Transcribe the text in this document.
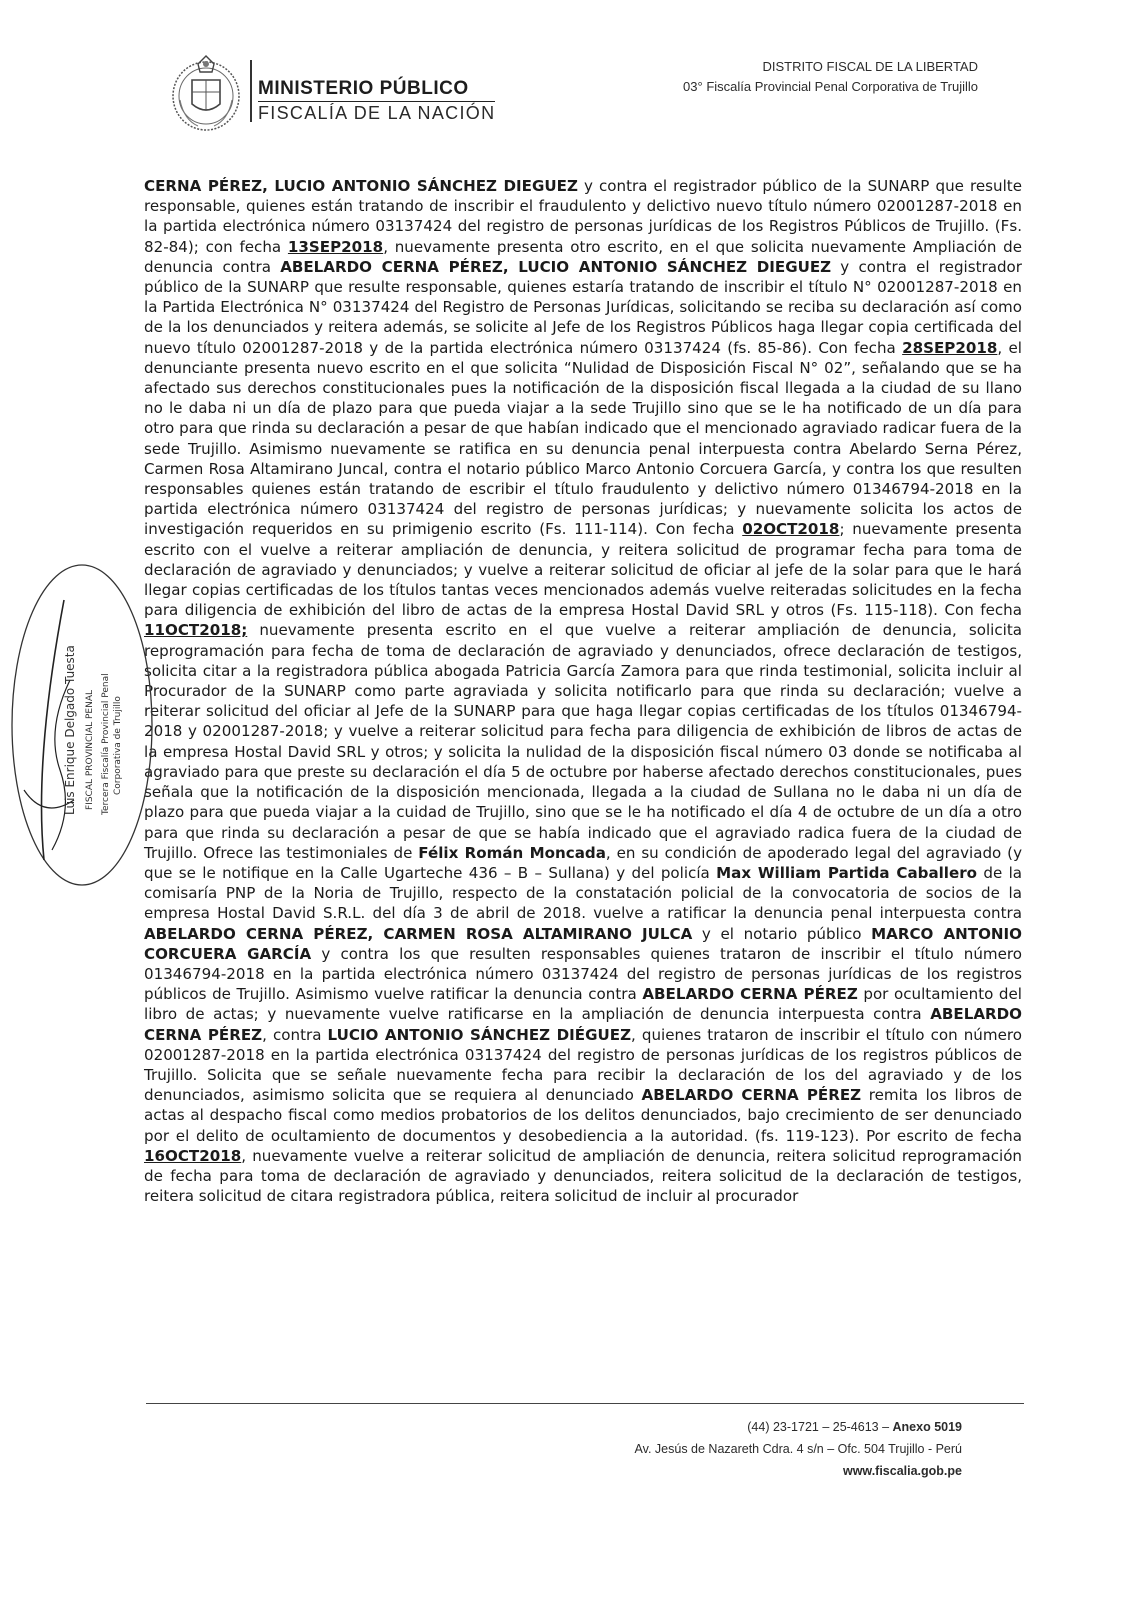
MINISTERIO PÚBLICO
FISCALÍA DE LA NACIÓN
DISTRITO FISCAL DE LA LIBERTAD
03° Fiscalía Provincial Penal Corporativa de Trujillo

CERNA PÉREZ, LUCIO ANTONIO SÁNCHEZ DIEGUEZ y contra el registrador público de la SUNARP que resulte responsable, quienes están tratando de inscribir el fraudulento y delictivo nuevo título número 02001287-2018 en la partida electrónica número 03137424 del registro de personas jurídicas de los Registros Públicos de Trujillo. (Fs. 82-84); con fecha 13SEP2018, nuevamente presenta otro escrito, en el que solicita nuevamente Ampliación de denuncia contra ABELARDO CERNA PÉREZ, LUCIO ANTONIO SÁNCHEZ DIEGUEZ y contra el registrador público de la SUNARP que resulte responsable, quienes estaría tratando de inscribir el título N° 02001287-2018 en la Partida Electrónica N° 03137424 del Registro de Personas Jurídicas, solicitando se reciba su declaración así como de la los denunciados y reitera además, se solicite al Jefe de los Registros Públicos haga llegar copia certificada del nuevo título 02001287-2018 y de la partida electrónica número 03137424 (fs. 85-86). Con fecha 28SEP2018, el denunciante presenta nuevo escrito en el que solicita “Nulidad de Disposición Fiscal N° 02”, señalando que se ha afectado sus derechos constitucionales pues la notificación de la disposición fiscal llegada a la ciudad de su llano no le daba ni un día de plazo para que pueda viajar a la sede Trujillo sino que se le ha notificado de un día para otro para que rinda su declaración a pesar de que habían indicado que el mencionado agraviado radicar fuera de la sede Trujillo. Asimismo nuevamente se ratifica en su denuncia penal interpuesta contra Abelardo Serna Pérez, Carmen Rosa Altamirano Juncal, contra el notario público Marco Antonio Corcuera García, y contra los que resulten responsables quienes están tratando de escribir el título fraudulento y delictivo número 01346794-2018 en la partida electrónica número 03137424 del registro de personas jurídicas; y nuevamente solicita los actos de investigación requeridos en su primigenio escrito (Fs. 111-114). Con fecha 02OCT2018; nuevamente presenta escrito con el vuelve a reiterar ampliación de denuncia, y reitera solicitud de programar fecha para toma de declaración de agraviado y denunciados; y vuelve a reiterar solicitud de oficiar al jefe de la solar para que le hará llegar copias certificadas de los títulos tantas veces mencionados además vuelve reiteradas solicitudes en la fecha para diligencia de exhibición del libro de actas de la empresa Hostal David SRL y otros (Fs. 115-118). Con fecha 11OCT2018; nuevamente presenta escrito en el que vuelve a reiterar ampliación de denuncia, solicita reprogramación para fecha de toma de declaración de agraviado y denunciados, ofrece declaración de testigos, solicita citar a la registradora pública abogada Patricia García Zamora para que rinda testimonial, solicita incluir al Procurador de la SUNARP como parte agraviada y solicita notificarlo para que rinda su declaración; vuelve a reiterar solicitud del oficiar al Jefe de la SUNARP para que haga llegar copias certificadas de los títulos 01346794-2018 y 02001287-2018; y vuelve a reiterar solicitud para fecha para diligencia de exhibición de libros de actas de la empresa Hostal David SRL y otros; y solicita la nulidad de la disposición fiscal número 03 donde se notificaba al agraviado para que preste su declaración el día 5 de octubre por haberse afectado derechos constitucionales, pues señala que la notificación de la disposición mencionada, llegada a la ciudad de Sullana no le daba ni un día de plazo para que pueda viajar a la cuidad de Trujillo, sino que se le ha notificado el día 4 de octubre de un día a otro para que rinda su declaración a pesar de que se había indicado que el agraviado radica fuera de la ciudad de Trujillo. Ofrece las testimoniales de Félix Román Moncada, en su condición de apoderado legal del agraviado (y que se le notifique en la Calle Ugarteche 436 – B – Sullana) y del policía Max William Partida Caballero de la comisaría PNP de la Noria de Trujillo, respecto de la constatación policial de la convocatoria de socios de la empresa Hostal David S.R.L. del día 3 de abril de 2018. vuelve a ratificar la denuncia penal interpuesta contra ABELARDO CERNA PÉREZ, CARMEN ROSA ALTAMIRANO JULCA y el notario público MARCO ANTONIO CORCUERA GARCÍA y contra los que resulten responsables quienes trataron de inscribir el título número 01346794-2018 en la partida electrónica número 03137424 del registro de personas jurídicas de los registros públicos de Trujillo. Asimismo vuelve ratificar la denuncia contra ABELARDO CERNA PÉREZ por ocultamiento del libro de actas; y nuevamente vuelve ratificarse en la ampliación de denuncia interpuesta contra ABELARDO CERNA PÉREZ, contra LUCIO ANTONIO SÁNCHEZ DIÉGUEZ, quienes trataron de inscribir el título con número 02001287-2018 en la partida electrónica 03137424 del registro de personas jurídicas de los registros públicos de Trujillo. Solicita que se señale nuevamente fecha para recibir la declaración de los del agraviado y de los denunciados, asimismo solicita que se requiera al denunciado ABELARDO CERNA PÉREZ remita los libros de actas al despacho fiscal como medios probatorios de los delitos denunciados, bajo crecimiento de ser denunciado por el delito de ocultamiento de documentos y desobediencia a la autoridad. (fs. 119-123). Por escrito de fecha 16OCT2018, nuevamente vuelve a reiterar solicitud de ampliación de denuncia, reitera solicitud reprogramación de fecha para toma de declaración de agraviado y denunciados, reitera solicitud de la declaración de testigos, reitera solicitud de citara registradora pública, reitera solicitud de incluir al procurador

Luis Enrique Delgado Tuesta FISCAL PROVINCIAL PENAL Tercera Fiscalía Provincial Penal Corporativa de Trujillo
(44) 23-1721 – 25-4613 – Anexo 5019
Av. Jesús de Nazareth Cdra. 4 s/n – Ofc. 504 Trujillo - Perú
www.fiscalia.gob.pe
